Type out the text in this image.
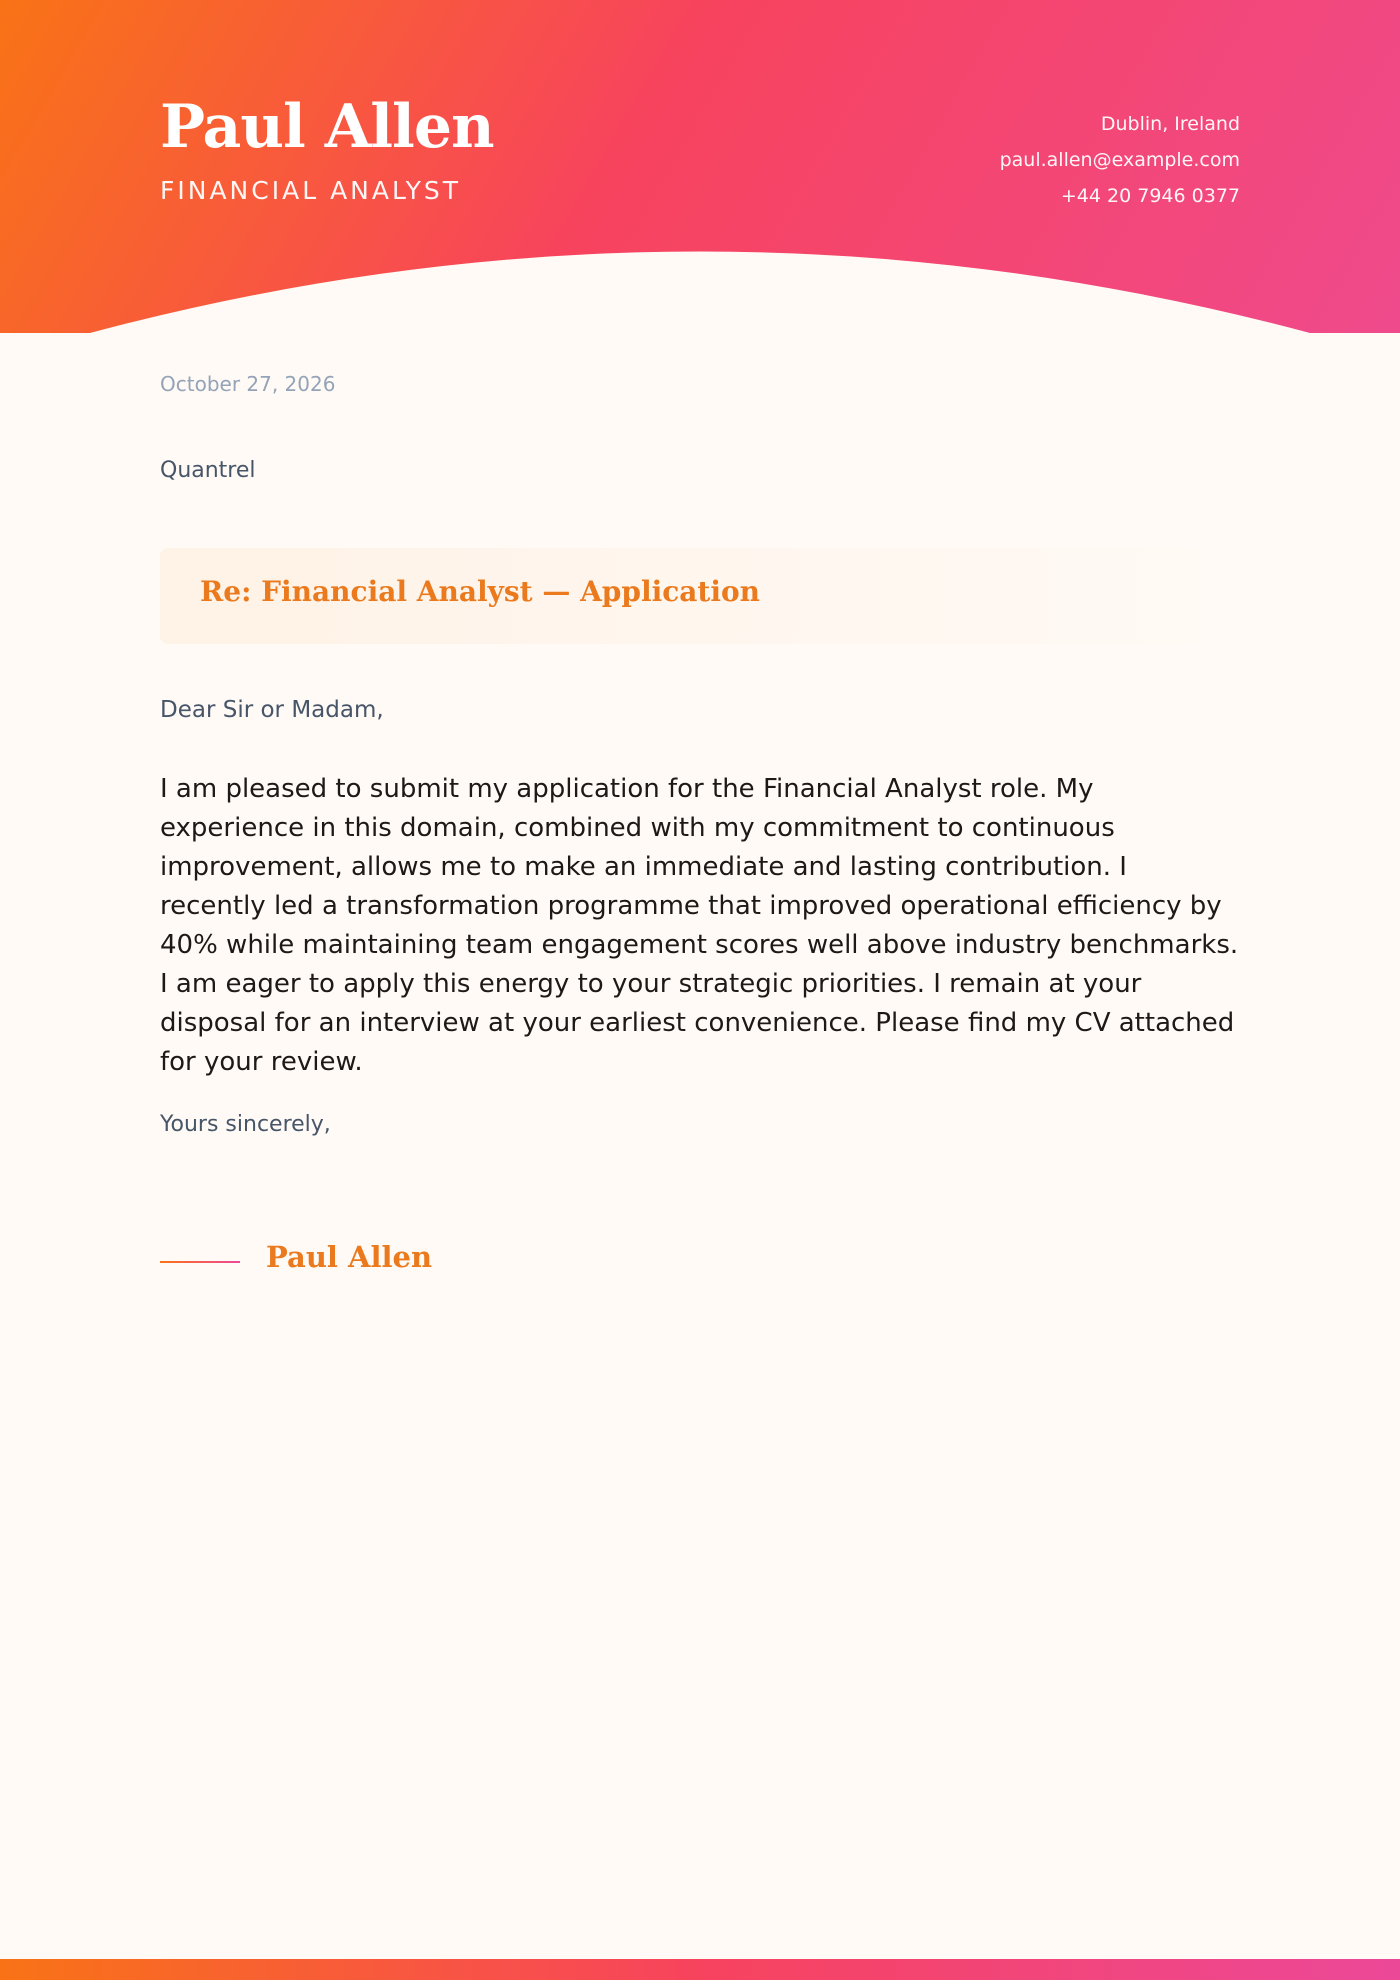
Paul Allen
FINANCIAL ANALYST
Dublin, Ireland
paul.allen@example.com
+44 20 7946 0377
October 27, 2026
Quantrel
Re: Financial Analyst — Application
Dear Sir or Madam,
I am pleased to submit my application for the Financial Analyst role. My experience in this domain, combined with my commitment to continuous improvement, allows me to make an immediate and lasting contribution. I recently led a transformation programme that improved operational efficiency by 40% while maintaining team engagement scores well above industry benchmarks. I am eager to apply this energy to your strategic priorities. I remain at your disposal for an interview at your earliest convenience. Please find my CV attached for your review.
Yours sincerely,
Paul Allen
